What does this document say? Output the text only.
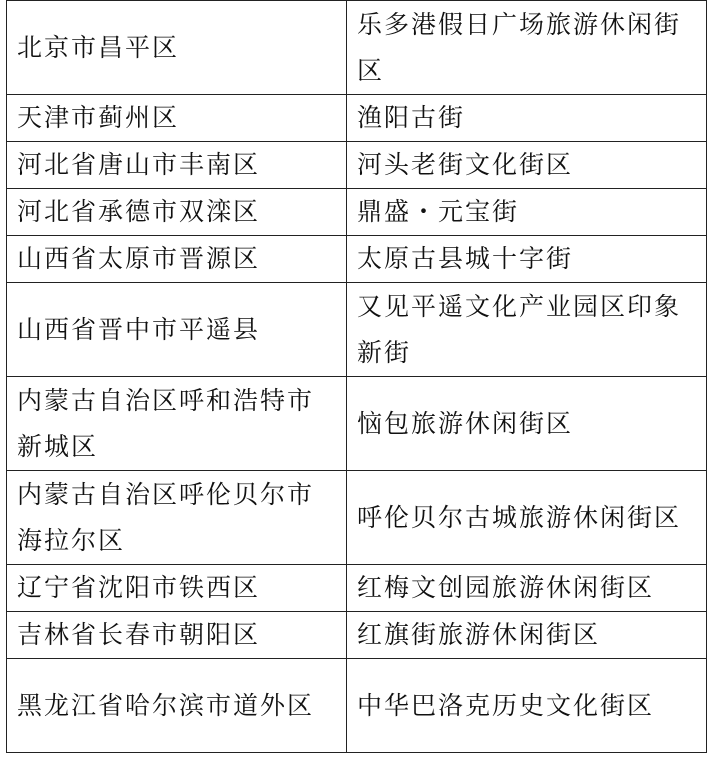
北京市昌平区	乐多港假日广场旅游休闲街区
天津市蓟州区	渔阳古街
河北省唐山市丰南区	河头老街文化街区
河北省承德市双滦区	鼎盛・元宝街
山西省太原市晋源区	太原古县城十字街
山西省晋中市平遥县	又见平遥文化产业园区印象新街
内蒙古自治区呼和浩特市新城区	恼包旅游休闲街区
内蒙古自治区呼伦贝尔市海拉尔区	呼伦贝尔古城旅游休闲街区
辽宁省沈阳市铁西区	红梅文创园旅游休闲街区
吉林省长春市朝阳区	红旗街旅游休闲街区
黑龙江省哈尔滨市道外区	中华巴洛克历史文化街区
